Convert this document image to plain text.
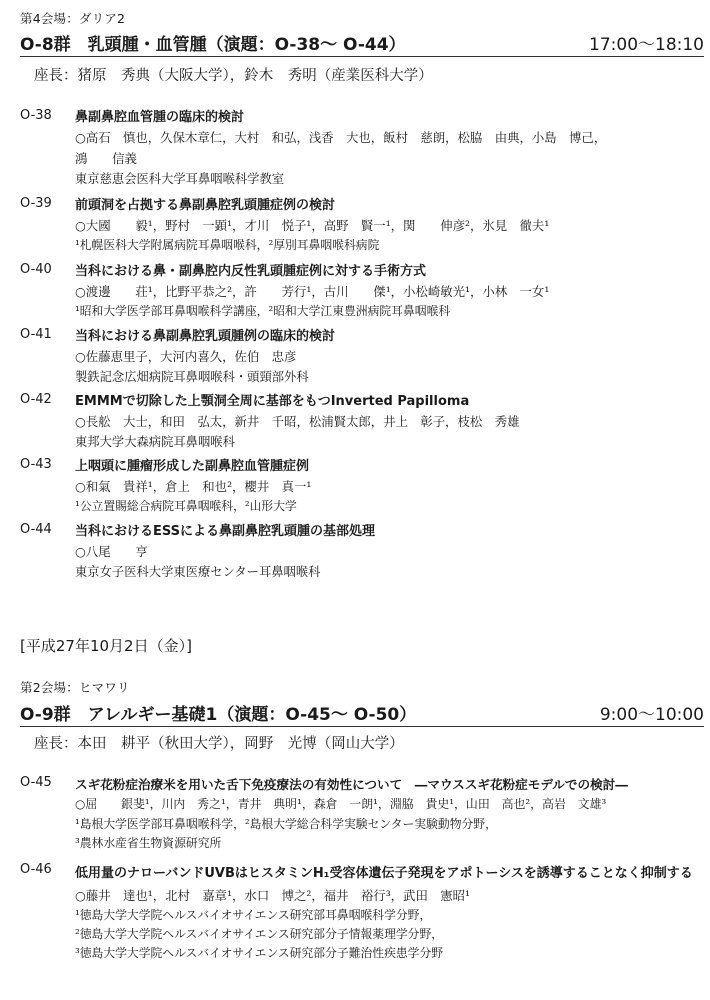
第4会場：ダリア2
O-8群　乳頭腫・血管腫（演題：O-38～ O-44）	17:00～18:10
座長：猪原　秀典（大阪大学），鈴木　秀明（産業医科大学）
O-38 鼻副鼻腔血管腫の臨床的検討
○高石　慎也，久保木章仁，大村　和弘，浅香　大也，飯村　慈朗，松脇　由典，小島　博己，
鴻　　信義
東京慈恵会医科大学耳鼻咽喉科学教室
O-39 前頭洞を占拠する鼻副鼻腔乳頭腫症例の検討
○大國　　毅¹，野村　一顕¹，才川　悦子¹，高野　賢一¹，関　　伸彦²，氷見　徹夫¹
¹札幌医科大学附属病院耳鼻咽喉科，²厚別耳鼻咽喉科病院
O-40 当科における鼻・副鼻腔内反性乳頭腫症例に対する手術方式
○渡邊　　荘¹，比野平恭之²，許　　芳行¹，古川　　傑¹，小松崎敏光¹，小林　一女¹
¹昭和大学医学部耳鼻咽喉科学講座，²昭和大学江東豊洲病院耳鼻咽喉科
O-41 当科における鼻副鼻腔乳頭腫例の臨床的検討
○佐藤恵里子，大河内喜久，佐伯　忠彦
製鉄記念広畑病院耳鼻咽喉科・頭頸部外科
O-42 EMMMで切除した上顎洞全周に基部をもつInverted Papilloma
○長舩　大士，和田　弘太，新井　千昭，松浦賢太郎，井上　彰子，枝松　秀雄
東邦大学大森病院耳鼻咽喉科
O-43 上咽頭に腫瘤形成した副鼻腔血管腫症例
○和氣　貴祥¹，倉上　和也²，櫻井　真一¹
¹公立置賜総合病院耳鼻咽喉科，²山形大学
O-44 当科におけるESSによる鼻副鼻腔乳頭腫の基部処理
○八尾　　亨
東京女子医科大学東医療センター耳鼻咽喉科
[平成27年10月2日（金）]
第2会場：ヒマワリ
O-9群　アレルギー基礎1（演題：O-45～ O-50）	9:00～10:00
座長：本田　耕平（秋田大学），岡野　光博（岡山大学）
O-45 スギ花粉症治療米を用いた舌下免疫療法の有効性について　―マウススギ花粉症モデルでの検討―
○屈　　銀斐¹，川内　秀之¹，青井　典明¹，森倉　一朗¹，淵脇　貴史¹，山田　高也²，高岩　文雄³
¹島根大学医学部耳鼻咽喉科学，²島根大学総合科学実験センター実験動物分野，
³農林水産省生物資源研究所
O-46 低用量のナローバンドUVBはヒスタミンH₁受容体遺伝子発現をアポトーシスを誘導することなく抑制する
○藤井　達也¹，北村　嘉章¹，水口　博之²，福井　裕行³，武田　憲昭¹
¹徳島大学大学院ヘルスバイオサイエンス研究部耳鼻咽喉科学分野，
²徳島大学大学院ヘルスバイオサイエンス研究部分子情報薬理学分野，
³徳島大学大学院ヘルスバイオサイエンス研究部分子難治性疾患学分野
